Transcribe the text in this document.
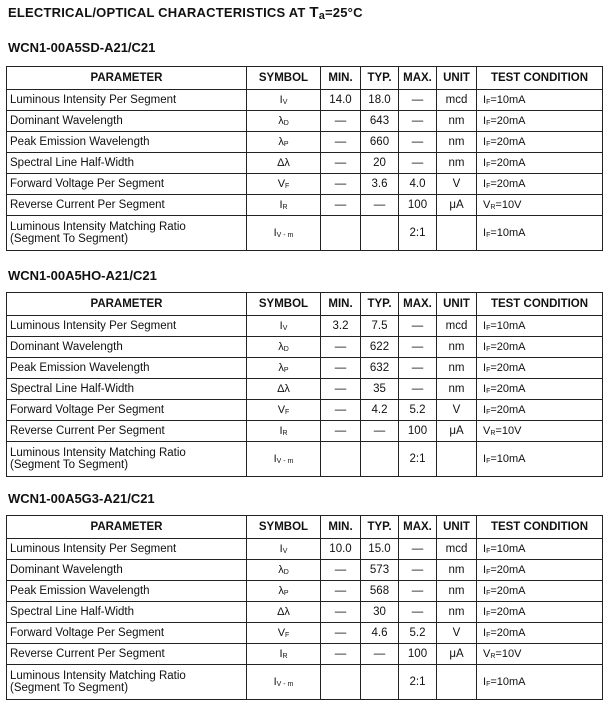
ELECTRICAL/OPTICAL CHARACTERISTICS AT $T_a=25^\circ C$
WCN1-00A5SD-A21/C21
PARAMETER	SYMBOL	MIN.	TYP.	MAX.	UNIT	TEST CONDITION
Luminous Intensity Per Segment	$I_V$	14.0	18.0	—	mcd	$I_F=10mA$
Dominant Wavelength	$\lambda_D$	—	643	—	nm	$I_F=20mA$
Peak Emission Wavelength	$\lambda_P$	—	660	—	nm	$I_F=20mA$
Spectral Line Half-Width	Δλ	—	20	—	nm	$I_F=20mA$
Forward Voltage Per Segment	$V_F$	—	3.6	4.0	V	$I_F=20mA$
Reverse Current Per Segment	$I_R$	—	—	100	μA	$V_R=10V$
Luminous Intensity Matching Ratio
(Segment To Segment)	$I_{V - m}$			2:1		$I_F=10mA$
WCN1-00A5HO-A21/C21
PARAMETER	SYMBOL	MIN.	TYP.	MAX.	UNIT	TEST CONDITION
Luminous Intensity Per Segment	$I_V$	3.2	7.5	—	mcd	$I_F=10mA$
Dominant Wavelength	$\lambda_D$	—	622	—	nm	$I_F=20mA$
Peak Emission Wavelength	$\lambda_P$	—	632	—	nm	$I_F=20mA$
Spectral Line Half-Width	Δλ	—	35	—	nm	$I_F=20mA$
Forward Voltage Per Segment	$V_F$	—	4.2	5.2	V	$I_F=20mA$
Reverse Current Per Segment	$I_R$	—	—	100	μA	$V_R=10V$
Luminous Intensity Matching Ratio
(Segment To Segment)	$I_{V - m}$			2:1		$I_F=10mA$
WCN1-00A5G3-A21/C21
PARAMETER	SYMBOL	MIN.	TYP.	MAX.	UNIT	TEST CONDITION
Luminous Intensity Per Segment	$I_V$	10.0	15.0	—	mcd	$I_F=10mA$
Dominant Wavelength	$\lambda_D$	—	573	—	nm	$I_F=20mA$
Peak Emission Wavelength	$\lambda_P$	—	568	—	nm	$I_F=20mA$
Spectral Line Half-Width	Δλ	—	30	—	nm	$I_F=20mA$
Forward Voltage Per Segment	$V_F$	—	4.6	5.2	V	$I_F=20mA$
Reverse Current Per Segment	$I_R$	—	—	100	μA	$V_R=10V$
Luminous Intensity Matching Ratio
(Segment To Segment)	$I_{V - m}$			2:1		$I_F=10mA$
